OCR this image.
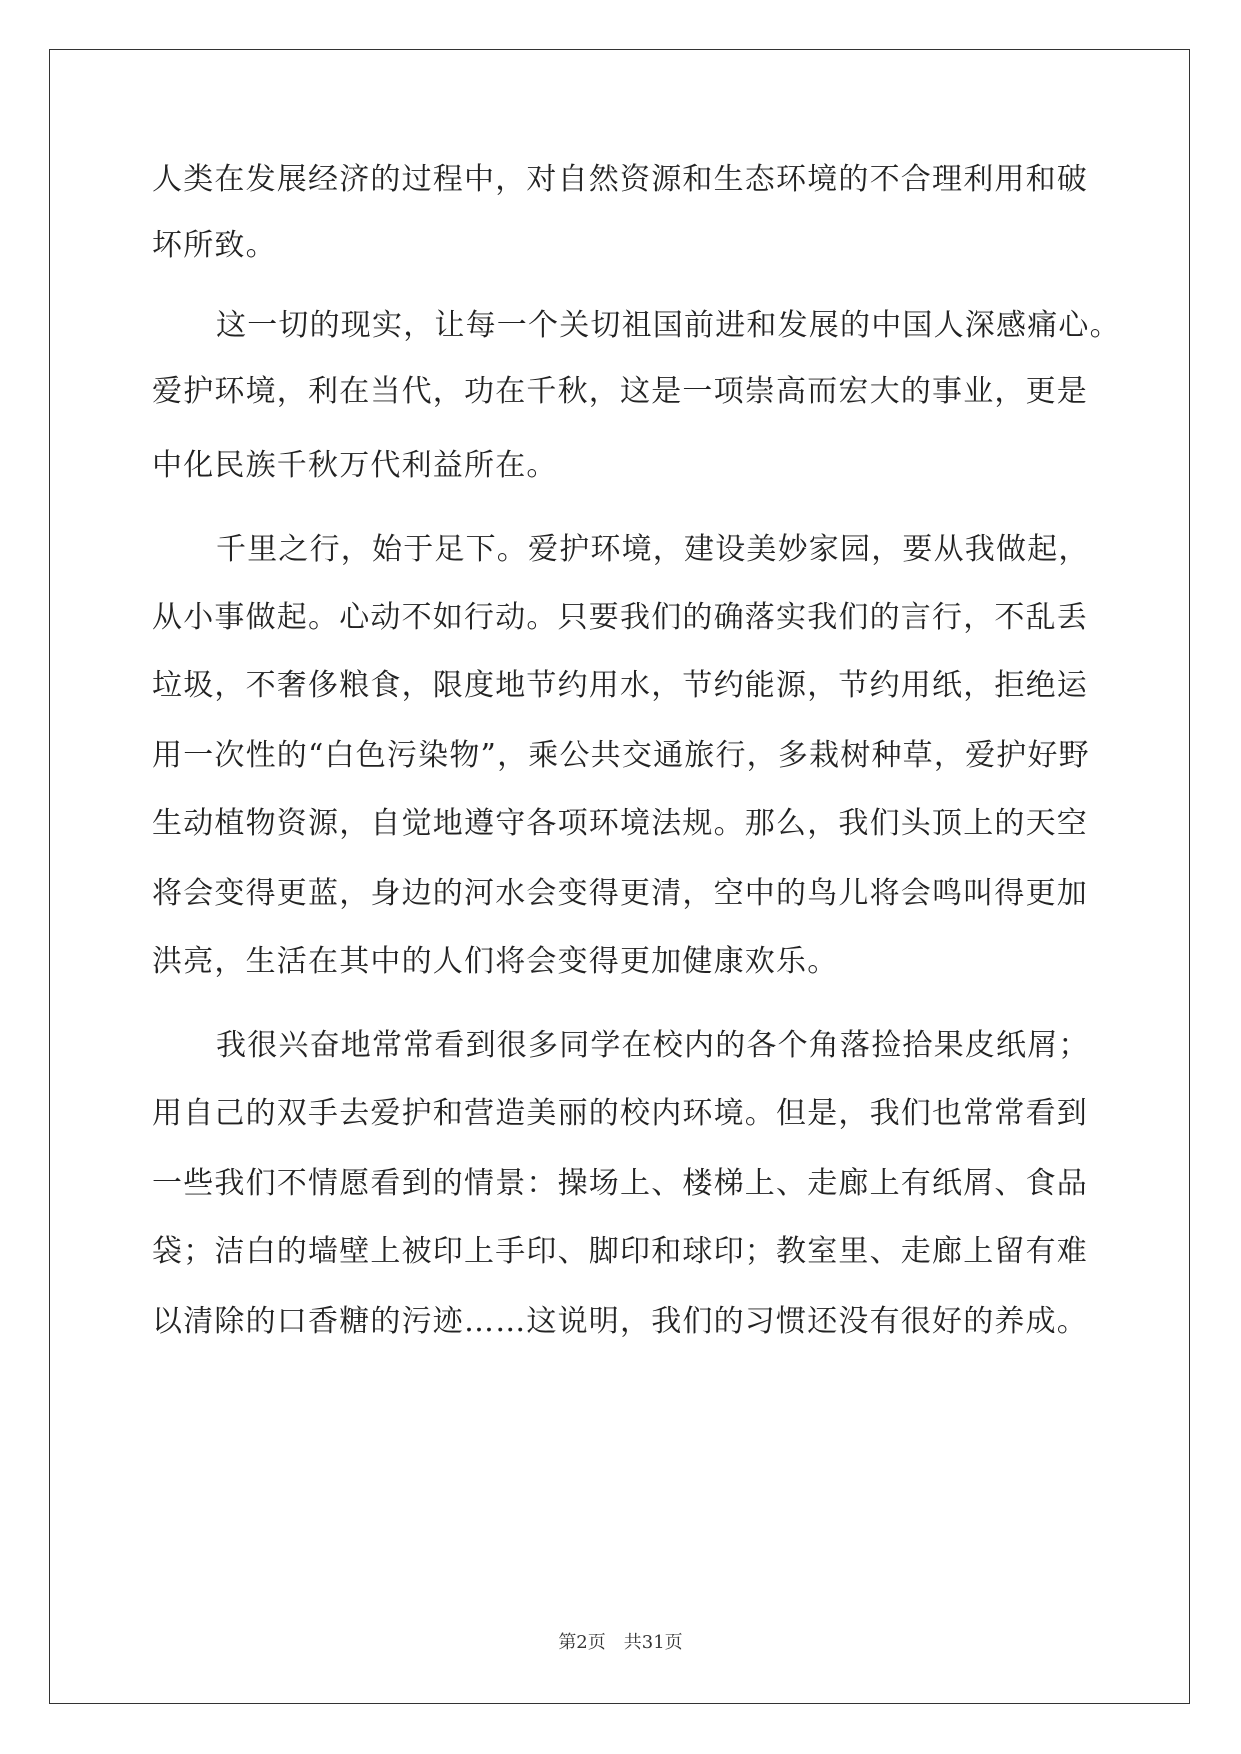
人类在发展经济的过程中，对自然资源和生态环境的不合理利用和破
坏所致。
这一切的现实，让每一个关切祖国前进和发展的中国人深感痛心。
爱护环境，利在当代，功在千秋，这是一项崇高而宏大的事业，更是
中化民族千秋万代利益所在。
千里之行，始于足下。爱护环境，建设美妙家园，要从我做起，
从小事做起。心动不如行动。只要我们的确落实我们的言行，不乱丢
垃圾，不奢侈粮食，限度地节约用水，节约能源，节约用纸，拒绝运
用一次性的“白色污染物”，乘公共交通旅行，多栽树种草，爱护好野
生动植物资源，自觉地遵守各项环境法规。那么，我们头顶上的天空
将会变得更蓝，身边的河水会变得更清，空中的鸟儿将会鸣叫得更加
洪亮，生活在其中的人们将会变得更加健康欢乐。
我很兴奋地常常看到很多同学在校内的各个角落捡拾果皮纸屑；
用自己的双手去爱护和营造美丽的校内环境。但是，我们也常常看到
一些我们不情愿看到的情景：操场上、楼梯上、走廊上有纸屑、食品
袋；洁白的墙壁上被印上手印、脚印和球印；教室里、走廊上留有难
以清除的口香糖的污迹……这说明，我们的习惯还没有很好的养成。
第2页 共31页
